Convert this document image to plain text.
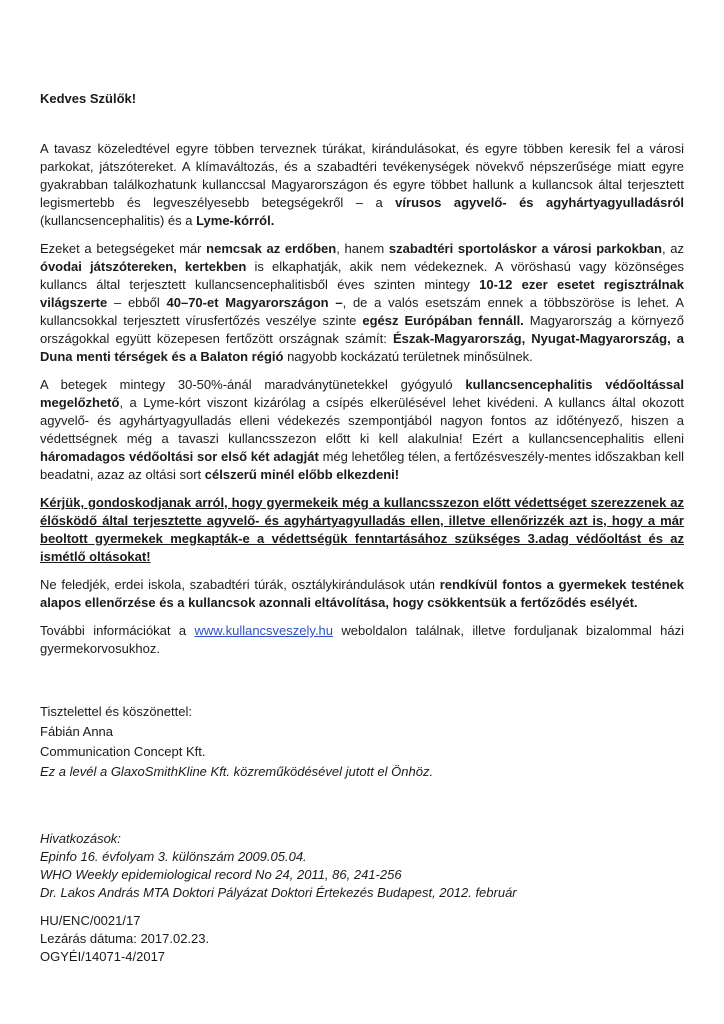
Kedves Szülők!

A tavasz közeledtével egyre többen terveznek túrákat, kirándulásokat, és egyre többen keresik fel a városi parkokat, játszótereket. A klímaváltozás, és a szabadtéri tevékenységek növekvő népszerűsége miatt egyre gyakrabban találkozhatunk kullanccsal Magyarországon és egyre többet hallunk a kullancsok által terjesztett legismertebb és legveszélyesebb betegségekről – a vírusos agyvelő- és agyhártyagyulladásról (kullancsencephalitis) és a Lyme-kórról.

Ezeket a betegségeket már nemcsak az erdőben, hanem szabadtéri sportoláskor a városi parkokban, az óvodai játszótereken, kertekben is elkaphatják, akik nem védekeznek. A vöröshasú vagy közönséges kullancs által terjesztett kullancsencephalitisből éves szinten mintegy 10-12 ezer esetet regisztrálnak világszerte – ebből 40–70-et Magyarországon –, de a valós esetszám ennek a többszöröse is lehet. A kullancsokkal terjesztett vírusfertőzés veszélye szinte egész Európában fennáll. Magyarország a környező országokkal együtt közepesen fertőzött országnak számít: Észak-Magyarország, Nyugat-Magyarország, a Duna menti térségek és a Balaton régió nagyobb kockázatú területnek minősülnek.

A betegek mintegy 30-50%-ánál maradványtünetekkel gyógyuló kullancsencephalitis védőoltással megelőzhető, a Lyme-kórt viszont kizárólag a csípés elkerülésével lehet kivédeni. A kullancs által okozott agyvelő- és agyhártyagyulladás elleni védekezés szempontjából nagyon fontos az időtényező, hiszen a védettségnek még a tavaszi kullancsszezon előtt ki kell alakulnia! Ezért a kullancsencephalitis elleni háromadagos védőoltási sor első két adagját még lehetőleg télen, a fertőzésveszély-mentes időszakban kell beadatni, azaz az oltási sort célszerű minél előbb elkezdeni!

Kérjük, gondoskodjanak arról, hogy gyermekeik még a kullancsszezon előtt védettséget szerezzenek az élősködő által terjesztette agyvelő- és agyhártyagyulladás ellen, illetve ellenőrizzék azt is, hogy a már beoltott gyermekek megkapták-e a védettségük fenntartásához szükséges 3.adag védőoltást és az ismétlő oltásokat!

Ne feledjék, erdei iskola, szabadtéri túrák, osztálykirándulások után rendkívül fontos a gyermekek testének alapos ellenőrzése és a kullancsok azonnali eltávolítása, hogy csökkentsük a fertőződés esélyét.

További információkat a www.kullancsveszely.hu weboldalon találnak, illetve forduljanak bizalommal házi gyermekorvosukhoz.

Tisztelettel és köszönettel:

Fábián Anna

Communication Concept Kft.

Ez a levél a GlaxoSmithKline Kft. közreműködésével jutott el Önhöz.

Hivatkozások:

Epinfo 16. évfolyam 3. különszám 2009.05.04.

WHO Weekly epidemiological record No 24, 2011, 86, 241-256

Dr. Lakos András MTA Doktori Pályázat Doktori Értekezés Budapest, 2012. február

HU/ENC/0021/17

Lezárás dátuma: 2017.02.23.

OGYÉI/14071-4/2017
